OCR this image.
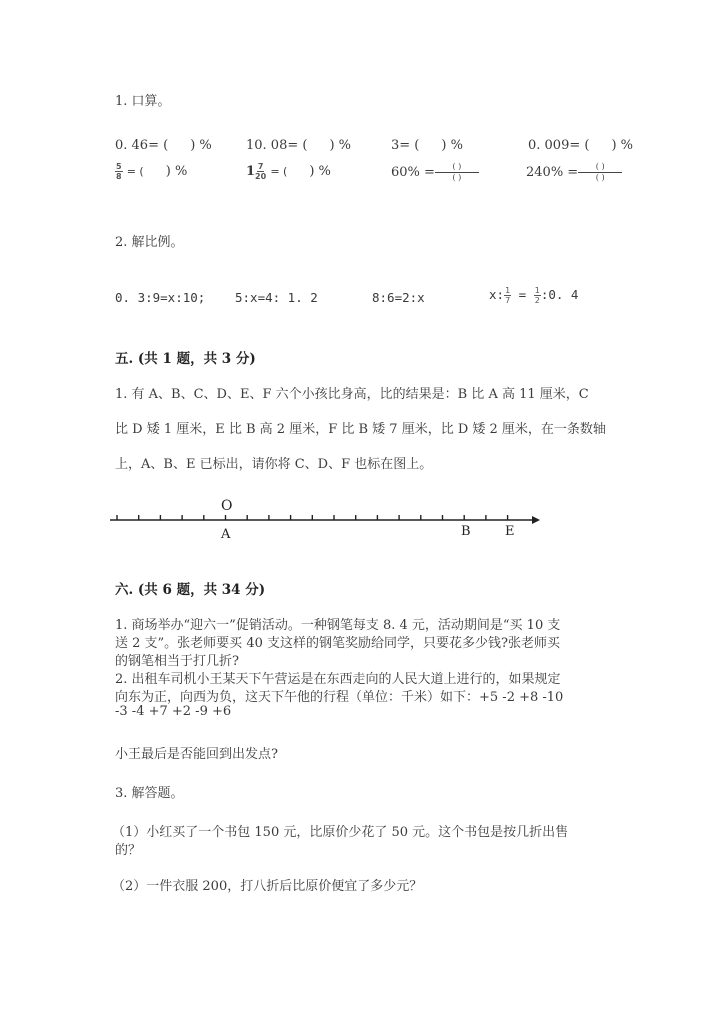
1. 口算。
0. 46= ( ) %	10. 08= ( ) %	3= ( ) %	0. 009= ( ) %
$\frac{5}{8}$ = ( ) %	$1 \frac{7}{20}$ = ( ) %	$60\% = \frac{( )}{( )}$	$240\% = \frac{( )}{( )}$
2. 解比例。
0. 3:9=x:10; 5:x=4: 1. 2	8:6=2:x	x: $\frac{1}{7} = \frac{1}{2}$ :0. 4
五. (共 1 题，共 3 分)
1. 有 A、B、C、D、E、F 六个小孩比身高，比的结果是：B 比 A 高 11 厘米，C
比 D 矮 1 厘米，E 比 B 高 2 厘米，F 比 B 矮 7 厘米，比 D 矮 2 厘米，在一条数轴
上，A、B、E 已标出，请你将 C、D、F 也标在图上。
O
A	B	E
六. (共 6 题，共 34 分)
1. 商场举办“迎六一”促销活动。一种钢笔每支 8. 4 元，活动期间是“买 10 支
送 2 支”。张老师要买 40 支这样的钢笔奖励给同学，只要花多少钱?张老师买
的钢笔相当于打几折?
2. 出租车司机小王某天下午营运是在东西走向的人民大道上进行的，如果规定
向东为正，向西为负，这天下午他的行程（单位：千米）如下：+5 -2 +8 -10
-3 -4 +7 +2 -9 +6
小王最后是否能回到出发点?
3. 解答题。
（1）小红买了一个书包 150 元，比原价少花了 50 元。这个书包是按几折出售
的？
（2）一件衣服 200，打八折后比原价便宜了多少元？
